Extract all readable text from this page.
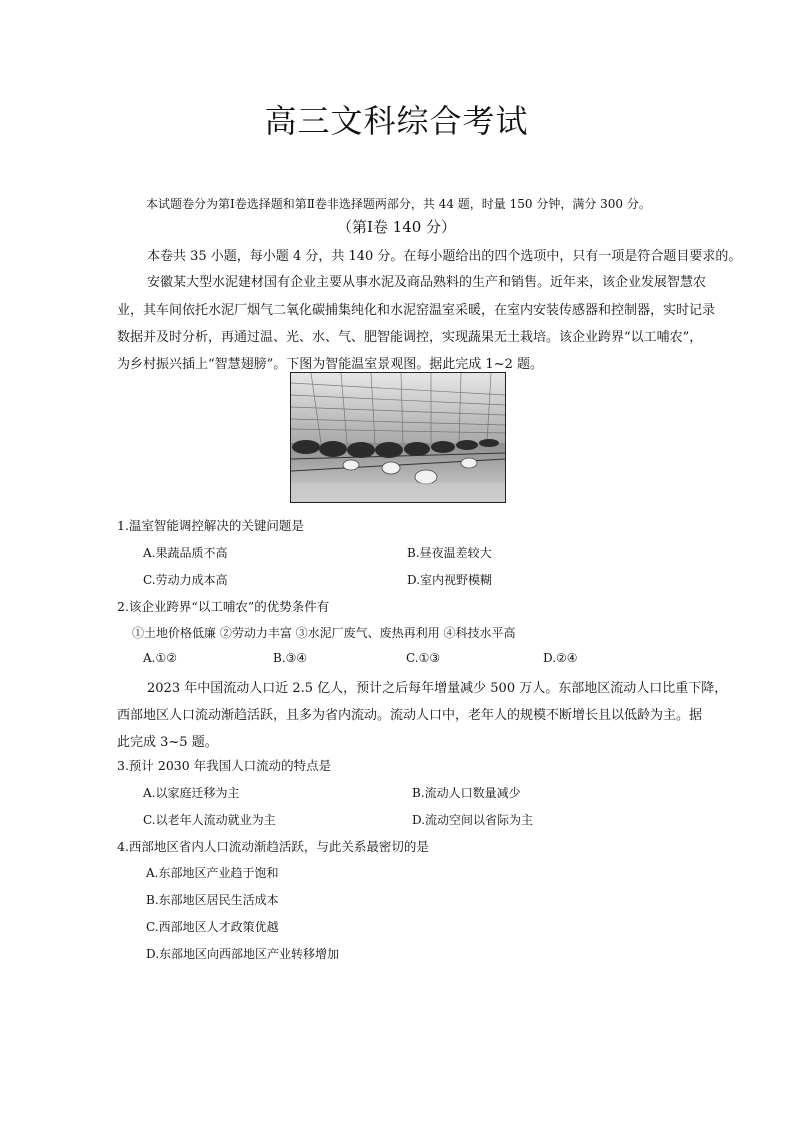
高三文科综合考试
本试题卷分为第Ⅰ卷选择题和第Ⅱ卷非选择题两部分，共 44 题，时量 150 分钟，满分 300 分。
（第Ⅰ卷 140 分）
本卷共 35 小题，每小题 4 分，共 140 分。在每小题给出的四个选项中，只有一项是符合题目要求的。
安徽某大型水泥建材国有企业主要从事水泥及商品熟料的生产和销售。近年来，该企业发展智慧农
业，其车间依托水泥厂烟气二氧化碳捕集纯化和水泥窑温室采暖，在室内安装传感器和控制器，实时记录
数据并及时分析，再通过温、光、水、气、肥智能调控，实现蔬果无土栽培。该企业跨界“以工哺农”，
为乡村振兴插上“智慧翅膀”。下图为智能温室景观图。据此完成 1~2 题。
1.温室智能调控解决的关键问题是
A.果蔬品质不高	B.昼夜温差较大
C.劳动力成本高	D.室内视野模糊
2.该企业跨界“以工哺农”的优势条件有
①土地价格低廉 ②劳动力丰富 ③水泥厂废气、废热再利用 ④科技水平高
A.①②	B.③④	C.①③	D.②④
2023 年中国流动人口近 2.5 亿人，预计之后每年增量减少 500 万人。东部地区流动人口比重下降，
西部地区人口流动渐趋活跃，且多为省内流动。流动人口中，老年人的规模不断增长且以低龄为主。据
此完成 3~5 题。
3.预计 2030 年我国人口流动的特点是
A.以家庭迁移为主	B.流动人口数量减少
C.以老年人流动就业为主	D.流动空间以省际为主
4.西部地区省内人口流动渐趋活跃，与此关系最密切的是
A.东部地区产业趋于饱和
B.东部地区居民生活成本
C.西部地区人才政策优越
D.东部地区向西部地区产业转移增加
